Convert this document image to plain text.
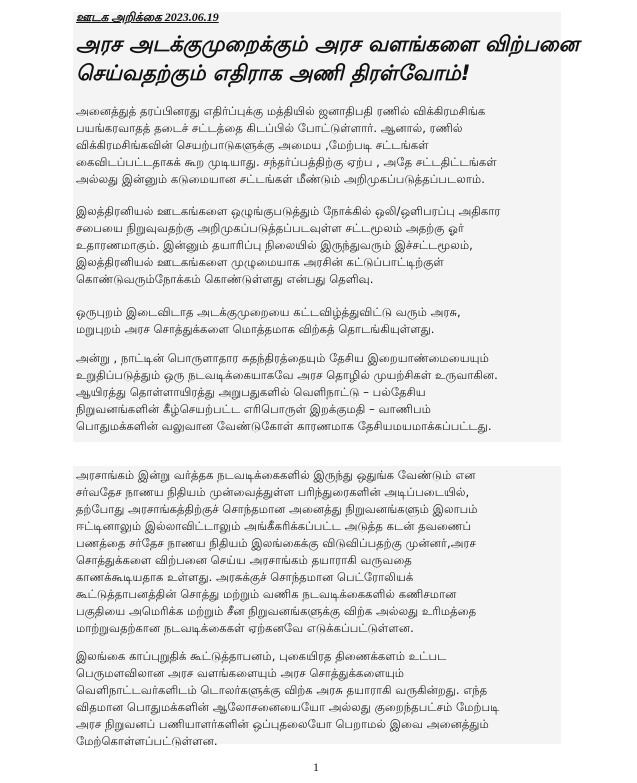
ஊடக அறிக்கை 2023.06.19
அரச அடக்குமுறைக்கும் அரச வளங்களை விற்பனை
செய்வதற்கும் எதிராக அணி திரள்வோம்!
அனைத்துத் தரப்பினரது எதிர்ப்புக்கு மத்தியில் ஜனாதிபதி ரணில் விக்கிரமசிங்க
பயங்கரவாதத் தடைச் சட்டத்தை கிடப்பில் போட்டுள்ளார். ஆனால், ரணில்
விக்கிரமசிங்கவின் செயற்பாடுகளுக்கு அமைய ,மேற்படி சட்டங்கள்
கைவிடப்பட்டதாகக் கூற முடியாது. சந்தர்ப்பத்திற்கு ஏற்ப , அதே சட்டதிட்டங்கள்
அல்லது இன்னும் கடுமையான சட்டங்கள் மீண்டும் அறிமுகப்படுத்தப்படலாம்.
இலத்திரனியல் ஊடகங்களை ஒழுங்குபடுத்தும் நோக்கில் ஒலி/ஒளிபரப்பு அதிகார
சபையை நிறுவுவதற்கு அறிமுகப்படுத்தப்படவுள்ள சட்டமூலம் அதற்கு ஓர்
உதாரணமாகும். இன்னும் தயாரிப்பு நிலையில் இருந்துவரும் இச்சட்டமூலம்,
இலத்திரனியல் ஊடகங்களை முழுமையாக அரசின் கட்டுப்பாட்டிற்குள்
கொண்டுவரும்நோக்கம் கொண்டுள்ளது என்பது தெளிவு.
ஒருபுறம் இடைவிடாத அடக்குமுறையை கட்டவிழ்த்துவிட்டு வரும் அரசு,
மறுபுறம் அரச சொத்துக்களை மொத்தமாக விற்கத் தொடங்கியுள்ளது.
அன்று , நாட்டின் பொருளாதார சுதந்திரத்தையும் தேசிய இறையாண்மையையும்
உறுதிப்படுத்தும் ஒரு நடவடிக்கையாகவே அரச தொழில் முயற்சிகள் உருவாகின.
ஆயிரத்து தொள்ளாயிரத்து அறுபதுகளில் வெளிநாட்டு – பல்தேசிய
நிறுவனங்களின் கீழ்செயற்பட்ட எரிபொருள் இறக்குமதி – வாணிபம்
பொதுமக்களின் வலுவான வேண்டுகோள் காரணமாக தேசியமயமாக்கப்பட்டது.
அரசாங்கம் இன்று வர்த்தக நடவடிக்கைகளில் இருந்து ஒதுங்க வேண்டும் என
சர்வதேச நாணய நிதியம் முன்வைத்துள்ள பரிந்துரைகளின் அடிப்படையில்,
தற்போது அரசாங்கத்திற்குச் சொந்தமான அனைத்து நிறுவனங்களும் இலாபம்
ஈட்டினாலும் இல்லாவிட்டாலும் அங்கீகரிக்கப்பட்ட அடுத்த கடன் தவணைப்
பணத்தை சர்தேச நாணய நிதியம் இலங்கைக்கு விடுவிப்பதற்கு முன்னர்,அரச
சொத்துக்களை விற்பனை செய்ய அரசாங்கம் தயாராகி வருவதை
காணக்கூடியதாக உள்ளது. அரசுக்குச் சொந்தமான பெட்ரோலியக்
கூட்டுத்தாபனத்தின் சொத்து மற்றும் வணிக நடவடிக்கைகளில் கணிசமான
பகுதியை அமெரிக்க மற்றும் சீன நிறுவனங்களுக்கு விற்க அல்லது உரிமத்தை
மாற்றுவதற்கான நடவடிக்கைகள் ஏற்கனவே எடுக்கப்பட்டுள்ளன.
இலங்கை காப்புறுதிக் கூட்டுத்தாபனம், புகையிரத திணைக்களம் உட்பட
பெருமளவிலான அரச வளங்களையும் அரச சொத்துக்களையும்
வெளிநாட்டவர்களிடம் டொலர்களுக்கு விற்க அரசு தயாராகி வருகின்றது. எந்த
விதமான பொதுமக்களின் ஆலோசனையையோ அல்லது குறைந்தபட்சம் மேற்படி
அரச நிறுவனப் பணியாளர்களின் ஒப்புதலையோ பெறாமல் இவை அனைத்தும்
மேற்கொள்ளப்பட்டுள்ளன.
1
